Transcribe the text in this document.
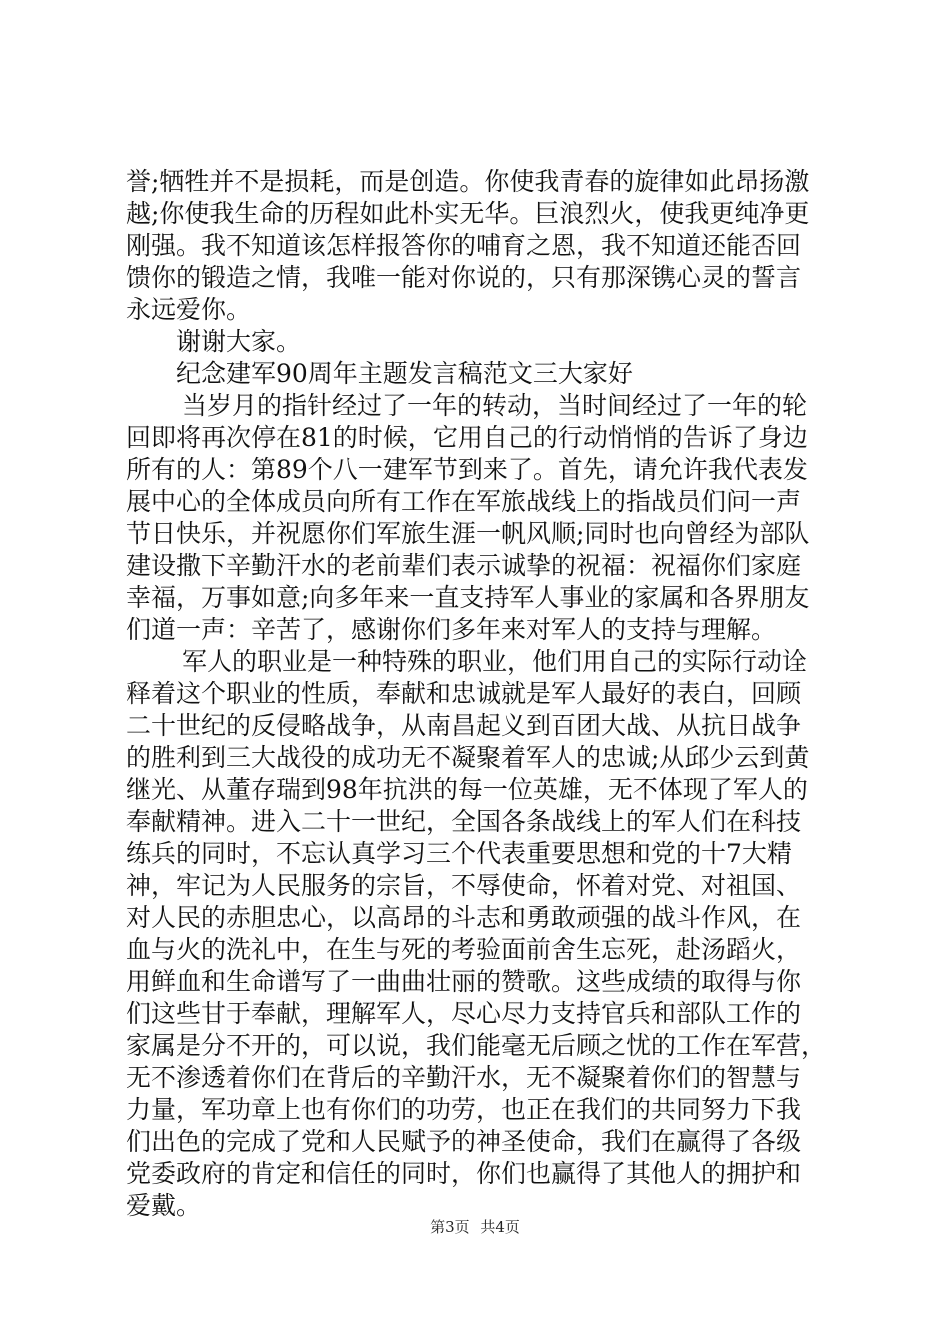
誉;牺牲并不是损耗，而是创造。你使我青春的旋律如此昂扬激
越;你使我生命的历程如此朴实无华。巨浪烈火，使我更纯净更
刚强。我不知道该怎样报答你的哺育之恩，我不知道还能否回
馈你的锻造之情，我唯一能对你说的，只有那深镌心灵的誓言
永远爱你。
谢谢大家。
纪念建军90周年主题发言稿范文三大家好
当岁月的指针经过了一年的转动，当时间经过了一年的轮
回即将再次停在81的时候，它用自己的行动悄悄的告诉了身边
所有的人：第89个八一建军节到来了。首先，请允许我代表发
展中心的全体成员向所有工作在军旅战线上的指战员们问一声
节日快乐，并祝愿你们军旅生涯一帆风顺;同时也向曾经为部队
建设撒下辛勤汗水的老前辈们表示诚挚的祝福：祝福你们家庭
幸福，万事如意;向多年来一直支持军人事业的家属和各界朋友
们道一声：辛苦了，感谢你们多年来对军人的支持与理解。
军人的职业是一种特殊的职业，他们用自己的实际行动诠
释着这个职业的性质，奉献和忠诚就是军人最好的表白，回顾
二十世纪的反侵略战争，从南昌起义到百团大战、从抗日战争
的胜利到三大战役的成功无不凝聚着军人的忠诚;从邱少云到黄
继光、从董存瑞到98年抗洪的每一位英雄，无不体现了军人的
奉献精神。进入二十一世纪，全国各条战线上的军人们在科技
练兵的同时，不忘认真学习三个代表重要思想和党的十7大精
神，牢记为人民服务的宗旨，不辱使命，怀着对党、对祖国、
对人民的赤胆忠心，以高昂的斗志和勇敢顽强的战斗作风，在
血与火的洗礼中，在生与死的考验面前舍生忘死，赴汤蹈火，
用鲜血和生命谱写了一曲曲壮丽的赞歌。这些成绩的取得与你
们这些甘于奉献，理解军人，尽心尽力支持官兵和部队工作的
家属是分不开的，可以说，我们能毫无后顾之忧的工作在军营，
无不渗透着你们在背后的辛勤汗水，无不凝聚着你们的智慧与
力量，军功章上也有你们的功劳，也正在我们的共同努力下我
们出色的完成了党和人民赋予的神圣使命，我们在赢得了各级
党委政府的肯定和信任的同时，你们也赢得了其他人的拥护和
爱戴。
第3页 共4页
